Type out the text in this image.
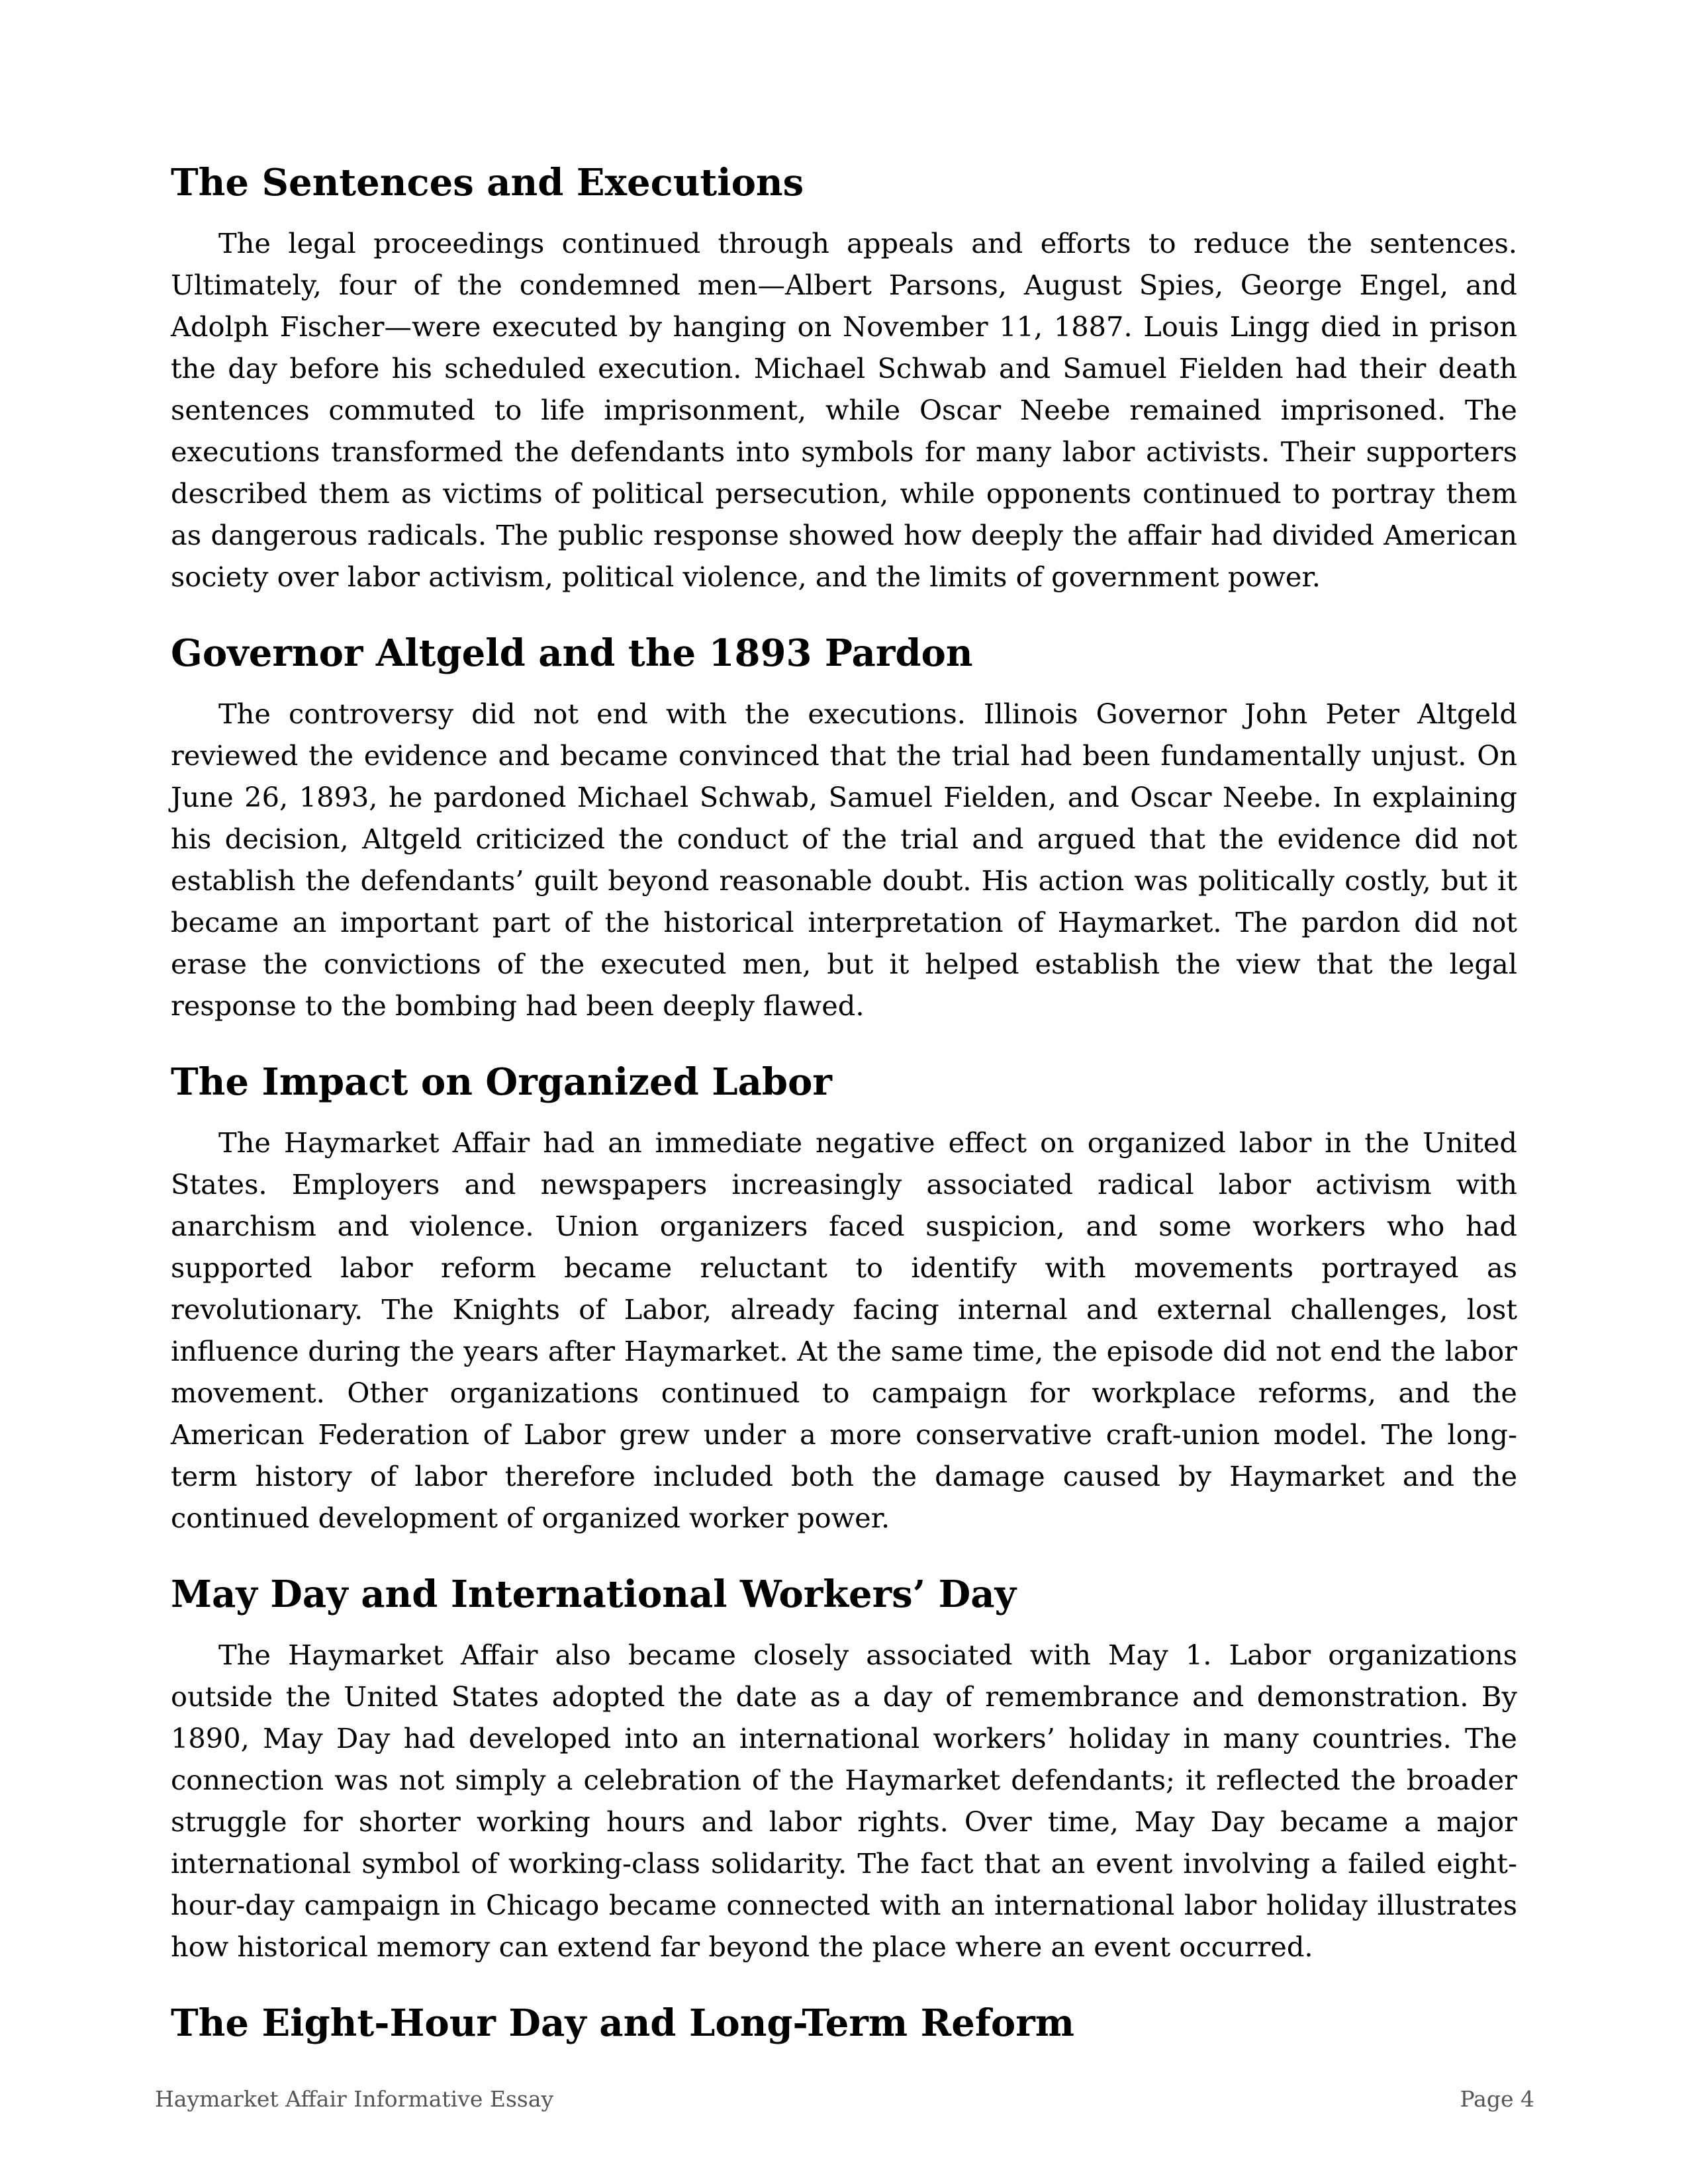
The Sentences and Executions

The legal proceedings continued through appeals and efforts to reduce the sentences. Ultimately, four of the condemned men—Albert Parsons, August Spies, George Engel, and Adolph Fischer—were executed by hanging on November 11, 1887. Louis Lingg died in prison the day before his scheduled execution. Michael Schwab and Samuel Fielden had their death sentences commuted to life imprisonment, while Oscar Neebe remained imprisoned. The executions transformed the defendants into symbols for many labor activists. Their supporters described them as victims of political persecution, while opponents continued to portray them as dangerous radicals. The public response showed how deeply the affair had divided American society over labor activism, political violence, and the limits of government power.

Governor Altgeld and the 1893 Pardon

The controversy did not end with the executions. Illinois Governor John Peter Altgeld reviewed the evidence and became convinced that the trial had been fundamentally unjust. On June 26, 1893, he pardoned Michael Schwab, Samuel Fielden, and Oscar Neebe. In explaining his decision, Altgeld criticized the conduct of the trial and argued that the evidence did not establish the defendants’ guilt beyond reasonable doubt. His action was politically costly, but it became an important part of the historical interpretation of Haymarket. The pardon did not erase the convictions of the executed men, but it helped establish the view that the legal response to the bombing had been deeply flawed.

The Impact on Organized Labor

The Haymarket Affair had an immediate negative effect on organized labor in the United States. Employers and newspapers increasingly associated radical labor activism with anarchism and violence. Union organizers faced suspicion, and some workers who had supported labor reform became reluctant to identify with movements portrayed as revolutionary. The Knights of Labor, already facing internal and external challenges, lost influence during the years after Haymarket. At the same time, the episode did not end the labor movement. Other organizations continued to campaign for workplace reforms, and the American Federation of Labor grew under a more conservative craft-union model. The long-term history of labor therefore included both the damage caused by Haymarket and the continued development of organized worker power.

May Day and International Workers’ Day

The Haymarket Affair also became closely associated with May 1. Labor organizations outside the United States adopted the date as a day of remembrance and demonstration. By 1890, May Day had developed into an international workers’ holiday in many countries. The connection was not simply a celebration of the Haymarket defendants; it reflected the broader struggle for shorter working hours and labor rights. Over time, May Day became a major international symbol of working-class solidarity. The fact that an event involving a failed eight-hour-day campaign in Chicago became connected with an international labor holiday illustrates how historical memory can extend far beyond the place where an event occurred.

The Eight-Hour Day and Long-Term Reform
Haymarket Affair Informative Essay	Page 4
